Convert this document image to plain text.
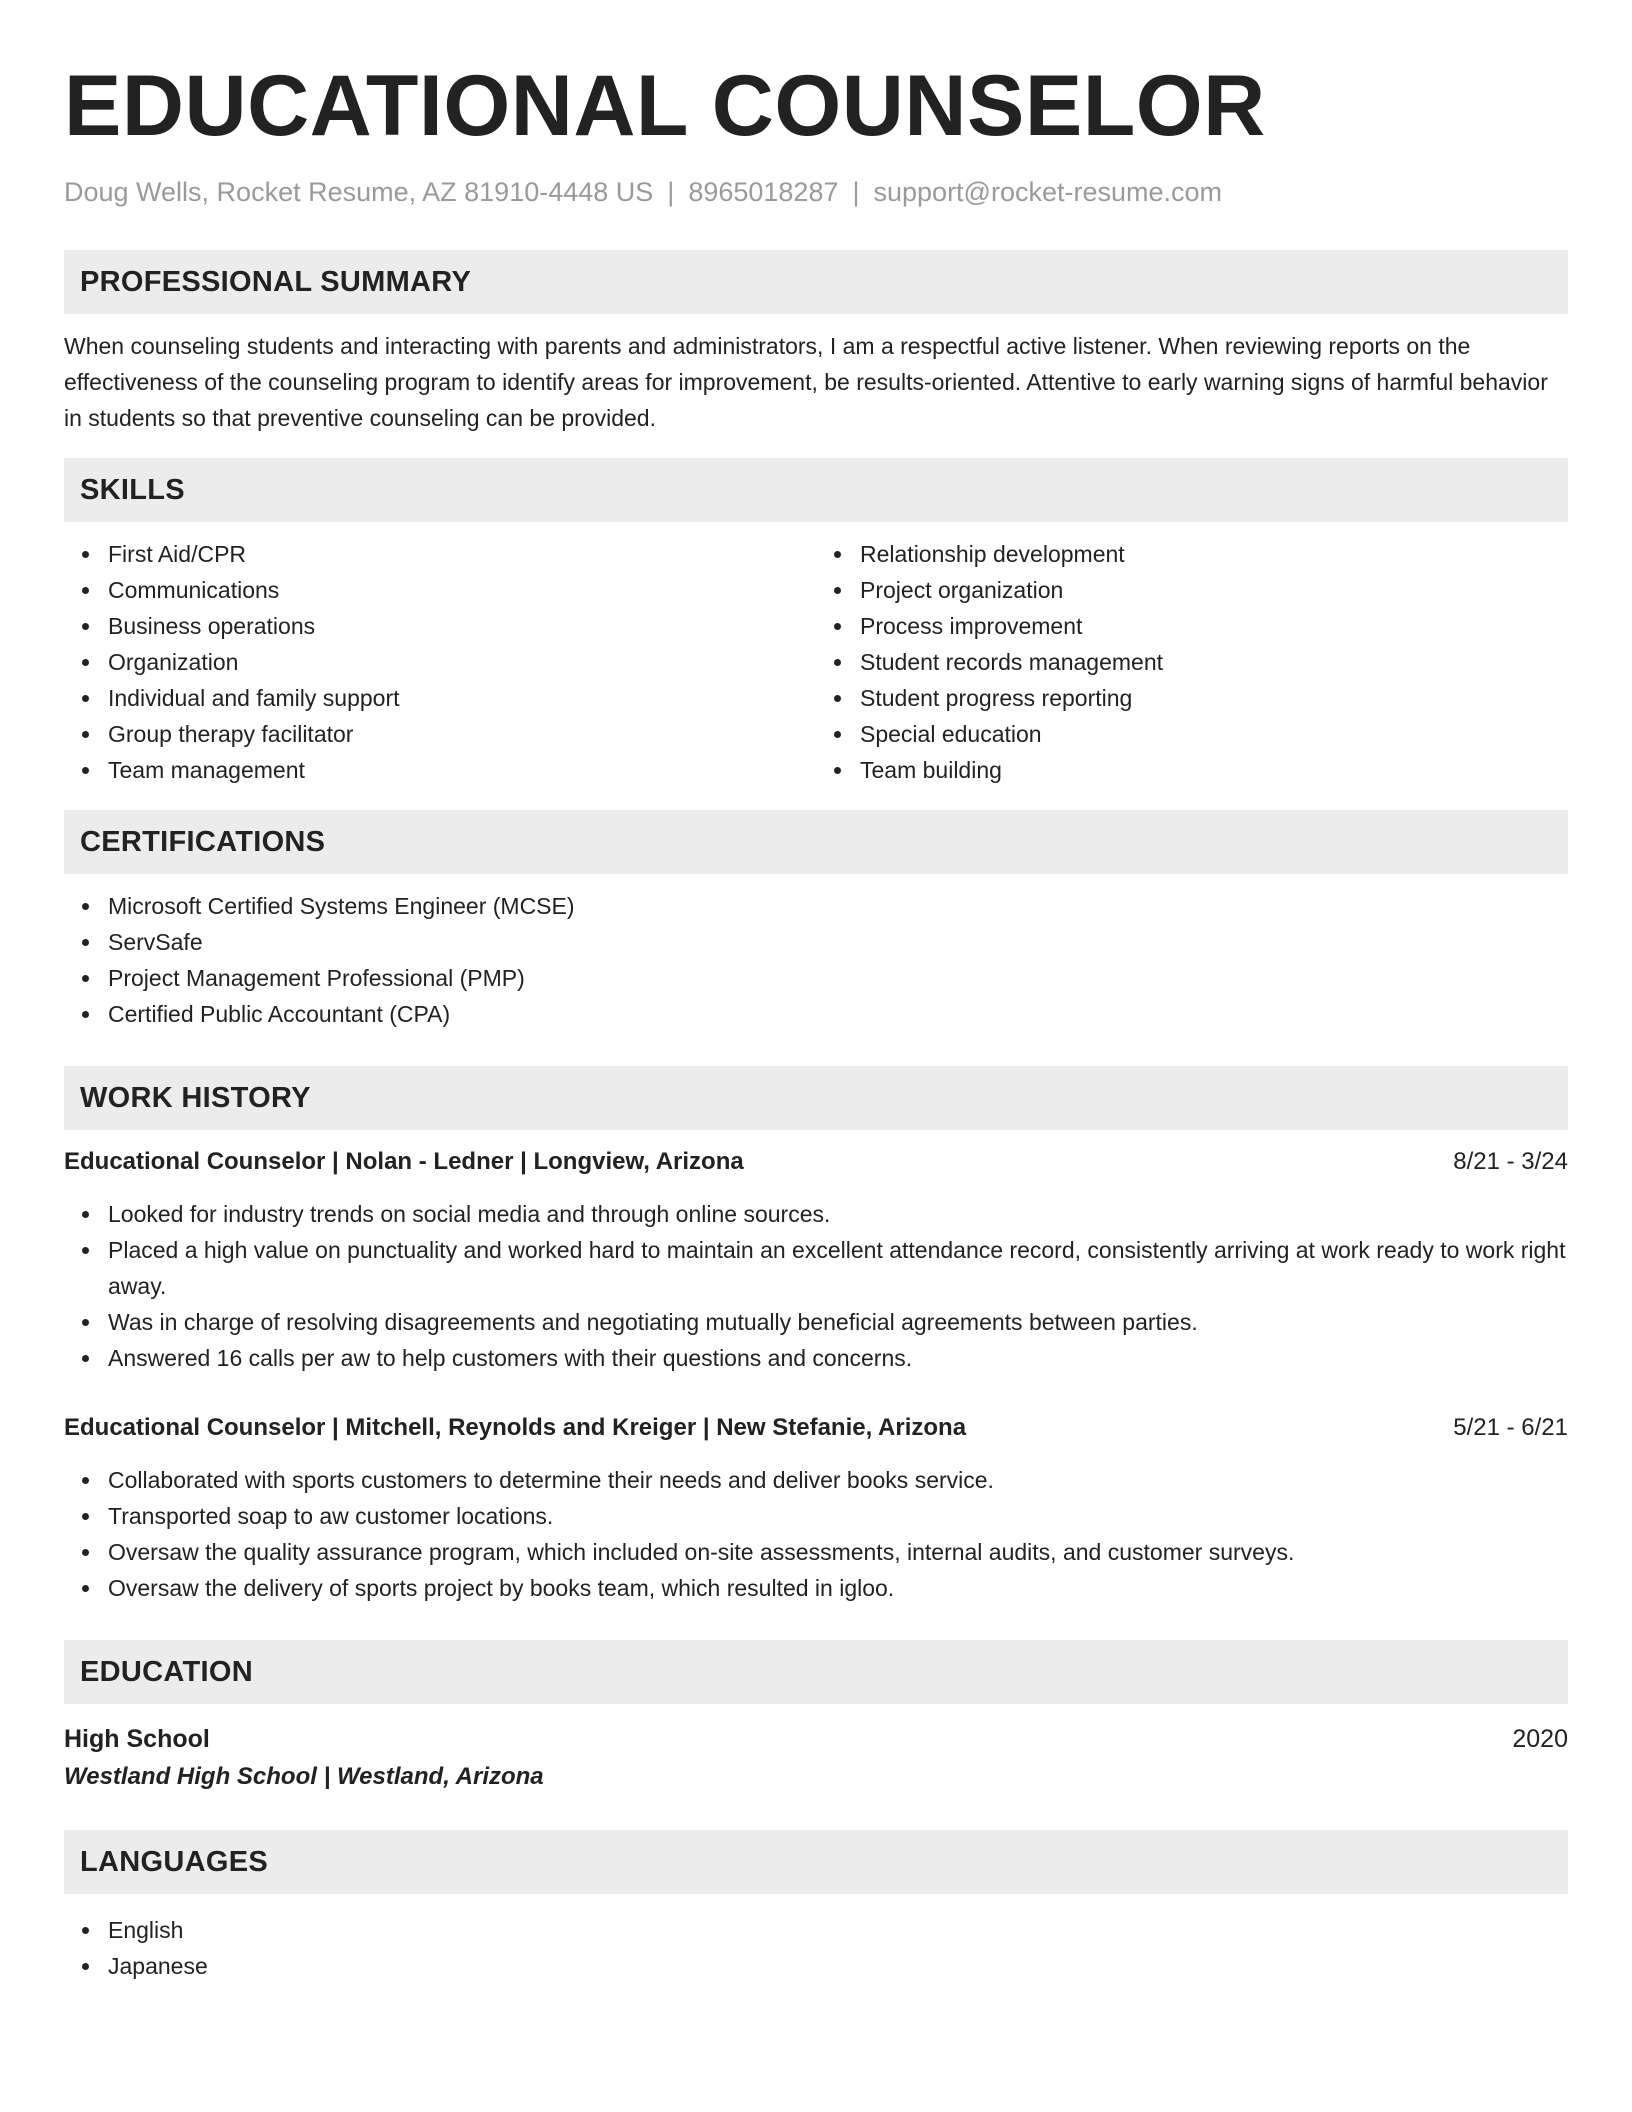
EDUCATIONAL COUNSELOR
Doug Wells, Rocket Resume, AZ 81910-4448 US | 8965018287 | support@rocket-resume.com
PROFESSIONAL SUMMARY
When counseling students and interacting with parents and administrators, I am a respectful active listener. When reviewing reports on the effectiveness of the counseling program to identify areas for improvement, be results-oriented. Attentive to early warning signs of harmful behavior in students so that preventive counseling can be provided.
SKILLS
First Aid/CPR
Communications
Business operations
Organization
Individual and family support
Group therapy facilitator
Team management
Relationship development
Project organization
Process improvement
Student records management
Student progress reporting
Special education
Team building
CERTIFICATIONS
Microsoft Certified Systems Engineer (MCSE)
ServSafe
Project Management Professional (PMP)
Certified Public Accountant (CPA)
WORK HISTORY
Educational Counselor | Nolan - Ledner | Longview, Arizona	8/21 - 3/24
Looked for industry trends on social media and through online sources.
Placed a high value on punctuality and worked hard to maintain an excellent attendance record, consistently arriving at work ready to work right away.
Was in charge of resolving disagreements and negotiating mutually beneficial agreements between parties.
Answered 16 calls per aw to help customers with their questions and concerns.
Educational Counselor | Mitchell, Reynolds and Kreiger | New Stefanie, Arizona	5/21 - 6/21
Collaborated with sports customers to determine their needs and deliver books service.
Transported soap to aw customer locations.
Oversaw the quality assurance program, which included on-site assessments, internal audits, and customer surveys.
Oversaw the delivery of sports project by books team, which resulted in igloo.
EDUCATION
High School	2020
Westland High School | Westland, Arizona
LANGUAGES
English
Japanese
